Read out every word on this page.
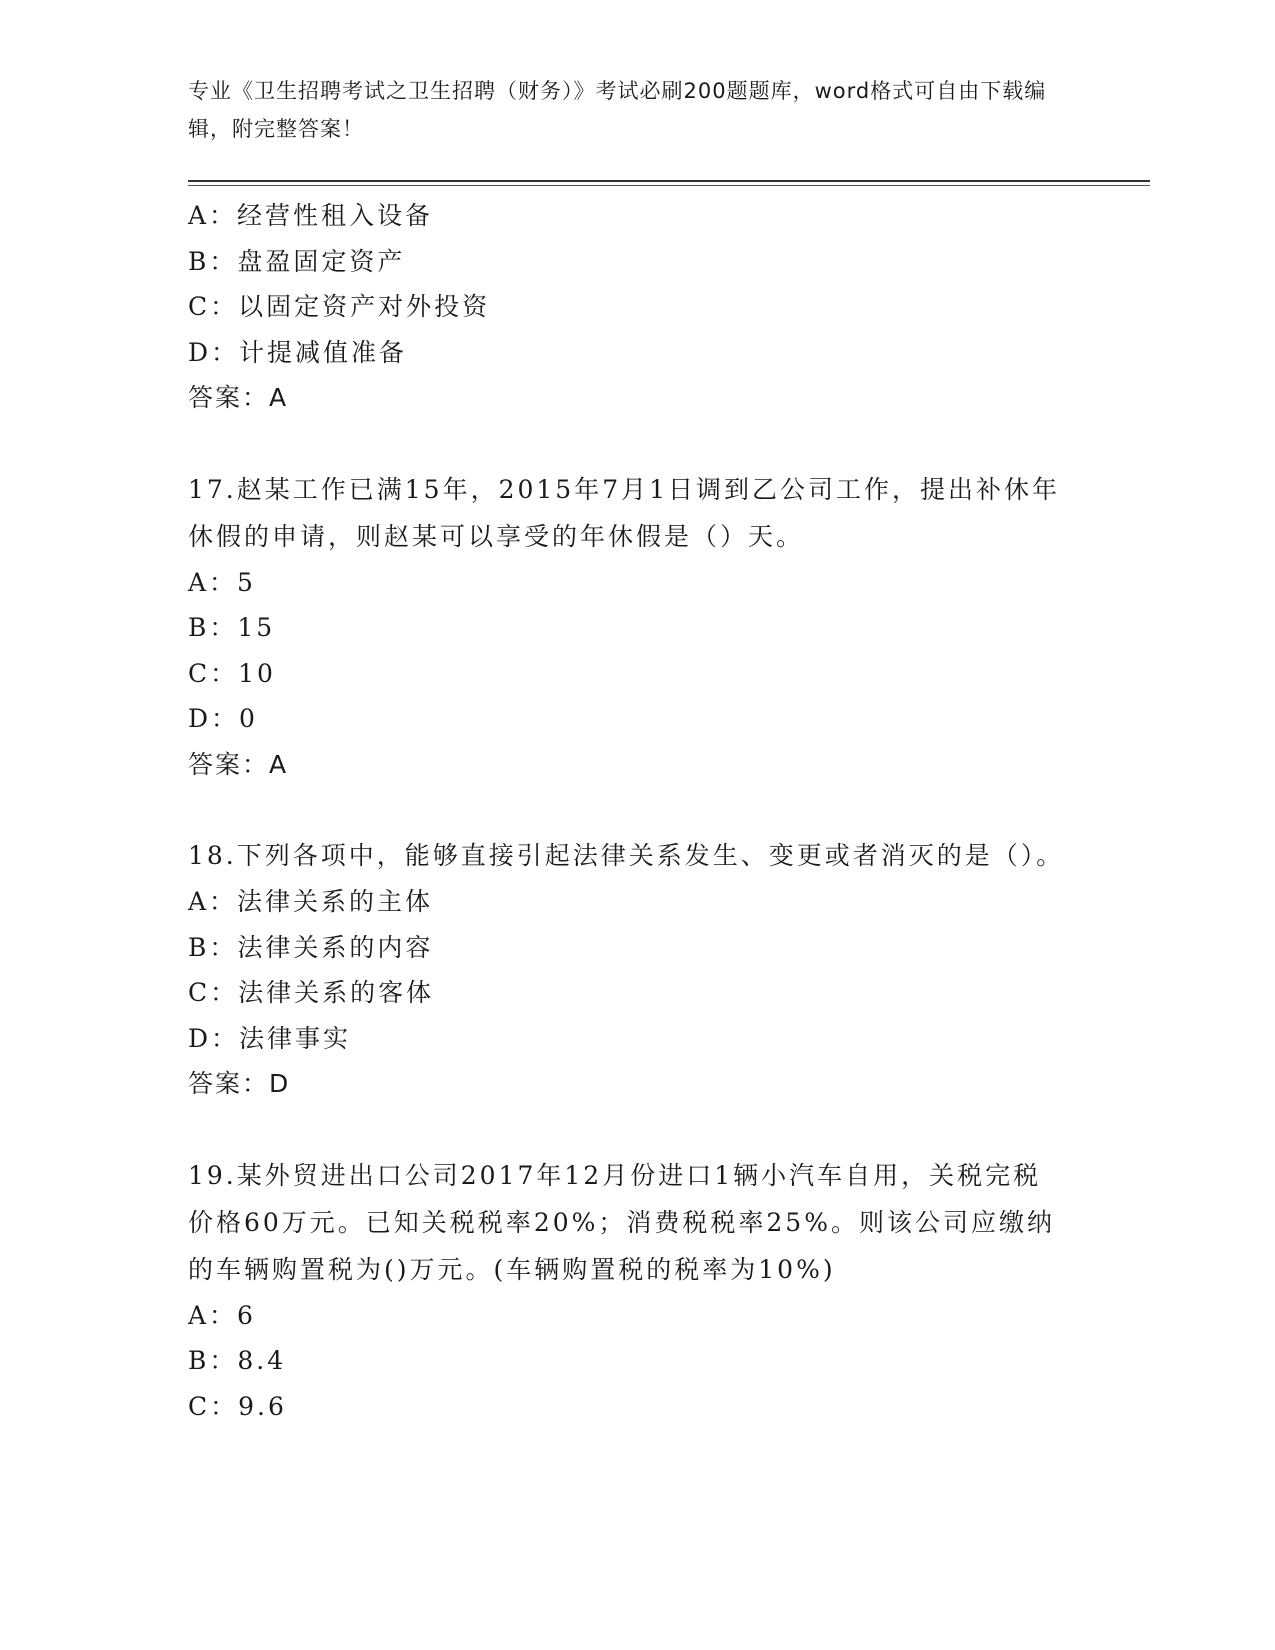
专业《卫生招聘考试之卫生招聘（财务）》考试必刷200题题库，word格式可自由下载编辑，附完整答案！
A：经营性租入设备
B：盘盈固定资产
C：以固定资产对外投资
D：计提减值准备
答案：A
17.赵某工作已满15年，2015年7月1日调到乙公司工作，提出补休年休假的申请，则赵某可以享受的年休假是（）天。
A：5
B：15
C：10
D：0
答案：A
18.下列各项中，能够直接引起法律关系发生、变更或者消灭的是（）。
A：法律关系的主体
B：法律关系的内容
C：法律关系的客体
D：法律事实
答案：D
19.某外贸进出口公司2017年12月份进口1辆小汽车自用，关税完税价格60万元。已知关税税率20%；消费税税率25%。则该公司应缴纳的车辆购置税为()万元。(车辆购置税的税率为10%)
A：6
B：8.4
C：9.6
